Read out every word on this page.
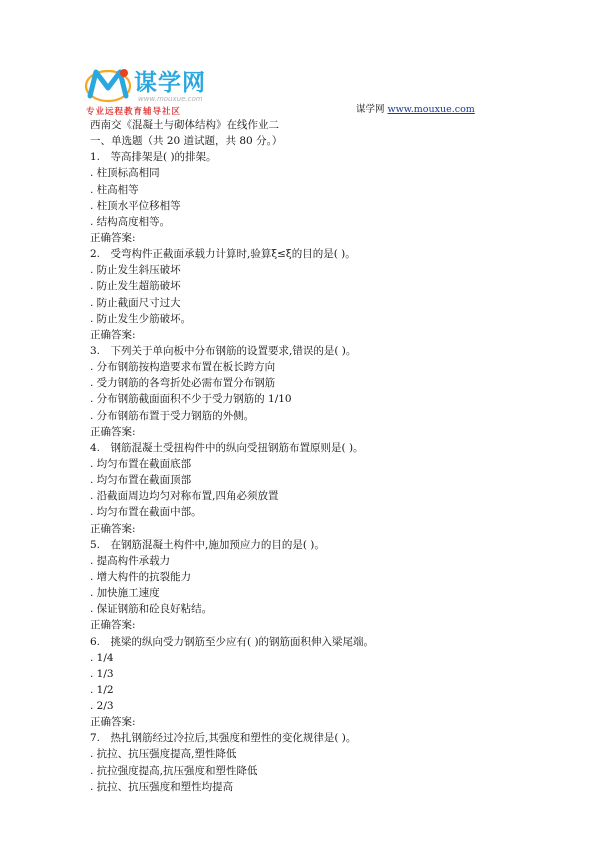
谋学网
www.mouxue.com
专业远程教育辅导社区	谋学网 www.mouxue.com
西南交《混凝土与砌体结构》在线作业二
一、单选题（共 20 道试题，共 80 分。）
1.　等高排架是( )的排架。
. 柱顶标高相同
. 柱高相等
. 柱顶水平位移相等
. 结构高度相等。
正确答案:
2.　受弯构件正截面承载力计算时,验算ξ≤ξ的目的是( )。
. 防止发生斜压破坏
. 防止发生超筋破坏
. 防止截面尺寸过大
. 防止发生少筋破坏。
正确答案:
3.　下列关于单向板中分布钢筋的设置要求,错误的是( )。
. 分布钢筋按构造要求布置在板长跨方向
. 受力钢筋的各弯折处必需布置分布钢筋
. 分布钢筋截面面积不少于受力钢筋的 1/10
. 分布钢筋布置于受力钢筋的外侧。
正确答案:
4.　钢筋混凝土受扭构件中的纵向受扭钢筋布置原则是( )。
. 均匀布置在截面底部
. 均匀布置在截面顶部
. 沿截面周边均匀对称布置,四角必须放置
. 均匀布置在截面中部。
正确答案:
5.　在钢筋混凝土构件中,施加预应力的目的是( )。
. 提高构件承载力
. 增大构件的抗裂能力
. 加快施工速度
. 保证钢筋和砼良好粘结。
正确答案:
6.　挑梁的纵向受力钢筋至少应有( )的钢筋面积伸入梁尾端。
. 1/4
. 1/3
. 1/2
. 2/3
正确答案:
7.　热扎钢筋经过冷拉后,其强度和塑性的变化规律是( )。
. 抗拉、抗压强度提高,塑性降低
. 抗拉强度提高,抗压强度和塑性降低
. 抗拉、抗压强度和塑性均提高
